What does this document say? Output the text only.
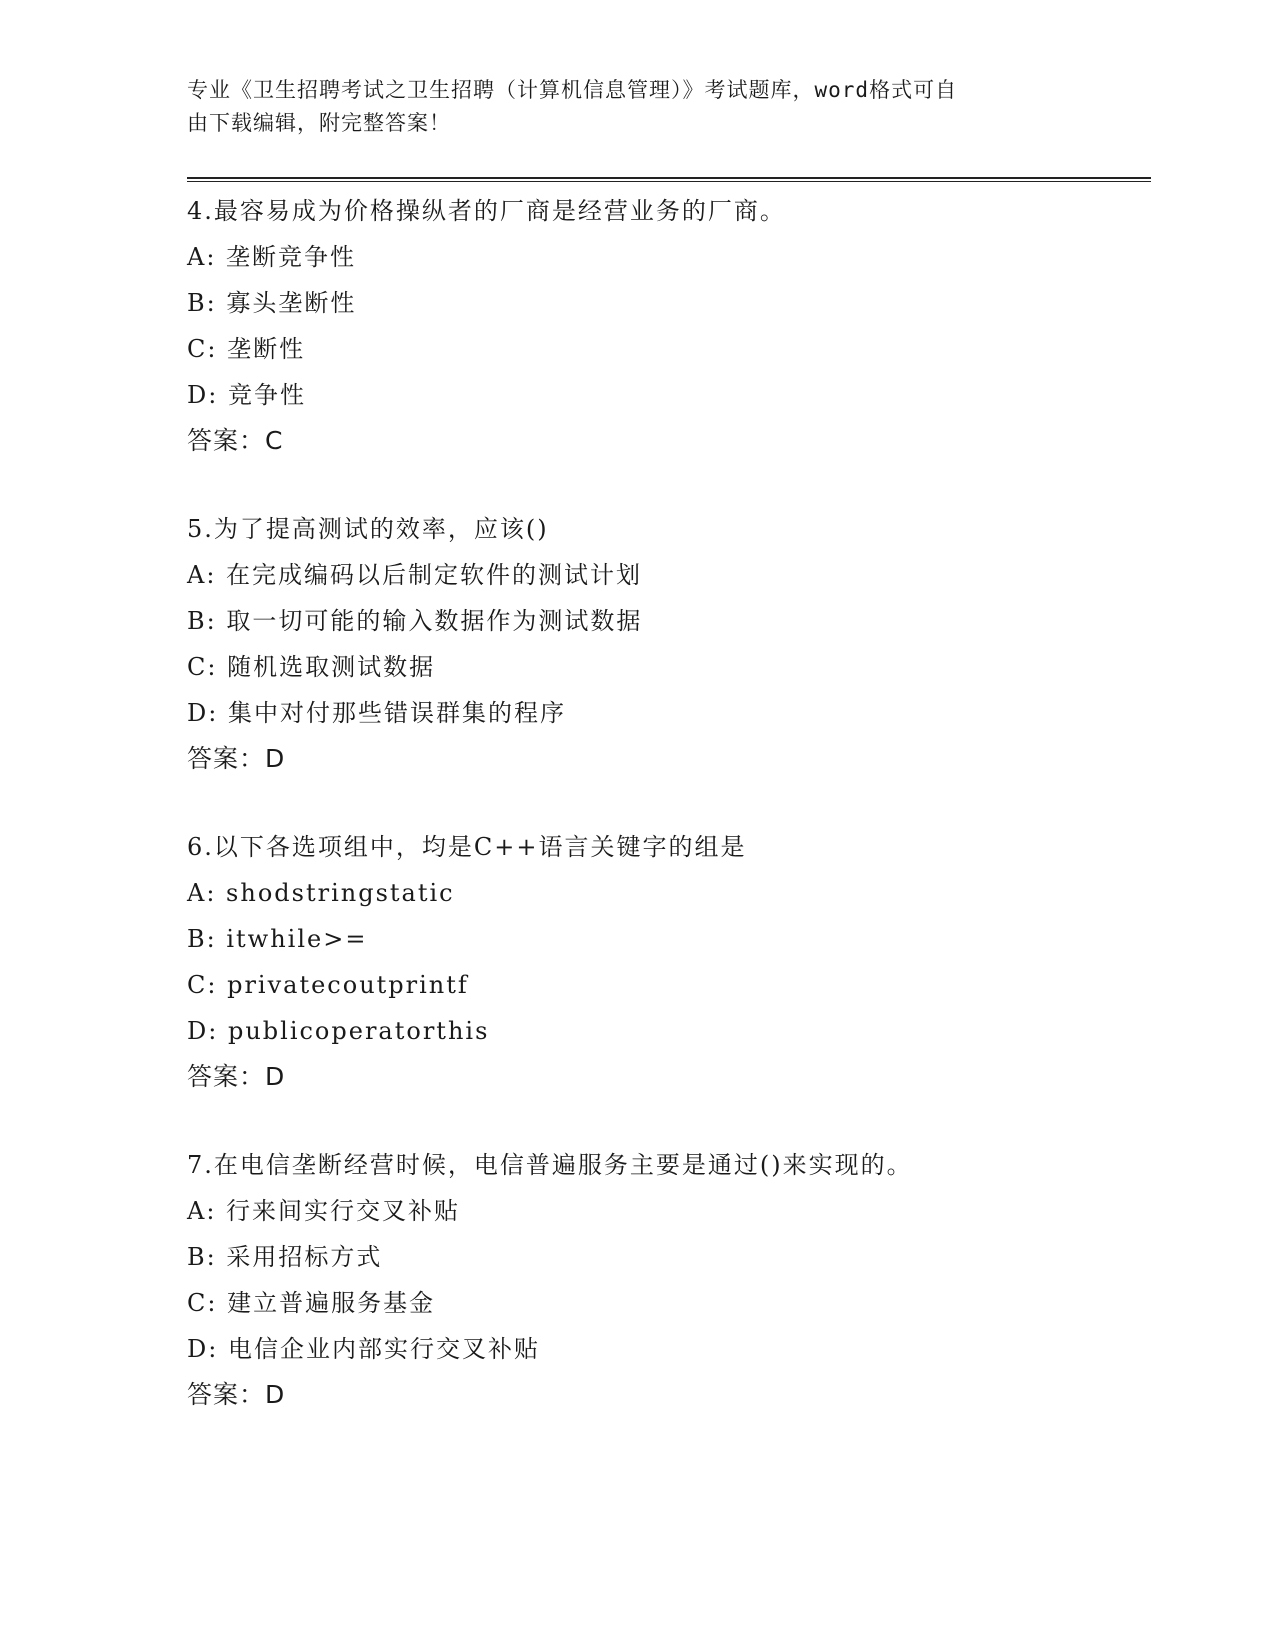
专业《卫生招聘考试之卫生招聘（计算机信息管理）》考试题库，word格式可自
由下载编辑，附完整答案！
4.最容易成为价格操纵者的厂商是经营业务的厂商。
A: 垄断竞争性
B: 寡头垄断性
C: 垄断性
D: 竞争性
答案：C
5.为了提高测试的效率，应该()
A: 在完成编码以后制定软件的测试计划
B: 取一切可能的输入数据作为测试数据
C: 随机选取测试数据
D: 集中对付那些错误群集的程序
答案：D
6.以下各选项组中，均是C++语言关键字的组是
A: shodstringstatic
B: itwhile>=
C: privatecoutprintf
D: publicoperatorthis
答案：D
7.在电信垄断经营时候，电信普遍服务主要是通过()来实现的。
A: 行来间实行交叉补贴
B: 采用招标方式
C: 建立普遍服务基金
D: 电信企业内部实行交叉补贴
答案：D
